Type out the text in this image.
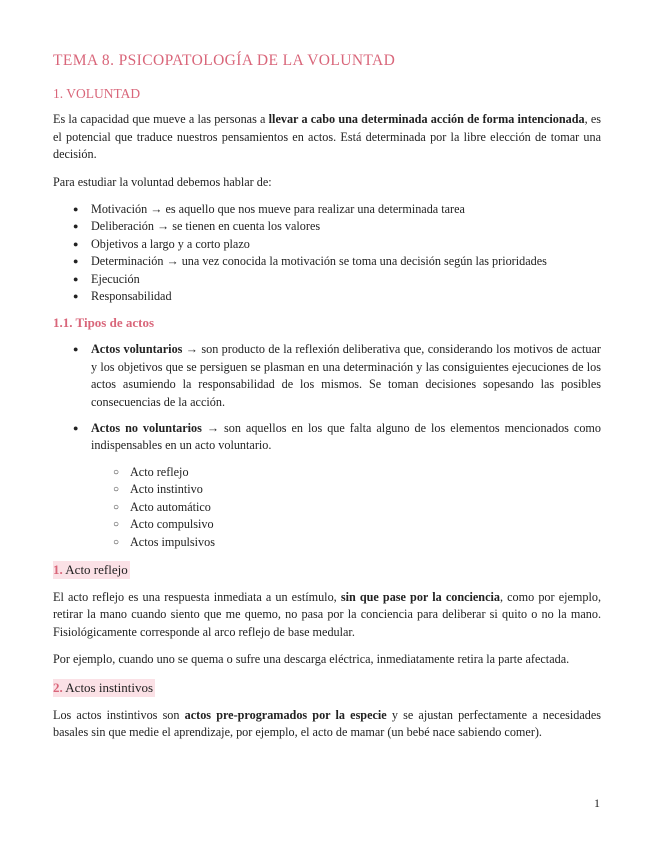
TEMA 8. PSICOPATOLOGÍA DE LA VOLUNTAD
1. VOLUNTAD

Es la capacidad que mueve a las personas a llevar a cabo una determinada acción de forma intencionada, es el potencial que traduce nuestros pensamientos en actos. Está determinada por la libre elección de tomar una decisión.

Para estudiar la voluntad debemos hablar de:

● Motivación → es aquello que nos mueve para realizar una determinada tarea
● Deliberación → se tienen en cuenta los valores
● Objetivos a largo y a corto plazo
● Determinación → una vez conocida la motivación se toma una decisión según las prioridades
● Ejecución
● Responsabilidad
1.1. Tipos de actos
● Actos voluntarios → son producto de la reflexión deliberativa que, considerando los motivos de actuar y los objetivos que se persiguen se plasman en una determinación y las consiguientes ejecuciones de los actos asumiendo la responsabilidad de los mismos. Se toman decisiones sopesando las posibles consecuencias de la acción.
● Actos no voluntarios → son aquellos en los que falta alguno de los elementos mencionados como indispensables en un acto voluntario.
○ Acto reflejo
○ Acto instintivo
○ Acto automático
○ Acto compulsivo
○ Actos impulsivos
1. Acto reflejo

El acto reflejo es una respuesta inmediata a un estímulo, sin que pase por la conciencia, como por ejemplo, retirar la mano cuando siento que me quemo, no pasa por la conciencia para deliberar si quito o no la mano. Fisiológicamente corresponde al arco reflejo de base medular.

Por ejemplo, cuando uno se quema o sufre una descarga eléctrica, inmediatamente retira la parte afectada.

2. Actos instintivos

Los actos instintivos son actos pre-programados por la especie y se ajustan perfectamente a necesidades basales sin que medie el aprendizaje, por ejemplo, el acto de mamar (un bebé nace sabiendo comer).

1
